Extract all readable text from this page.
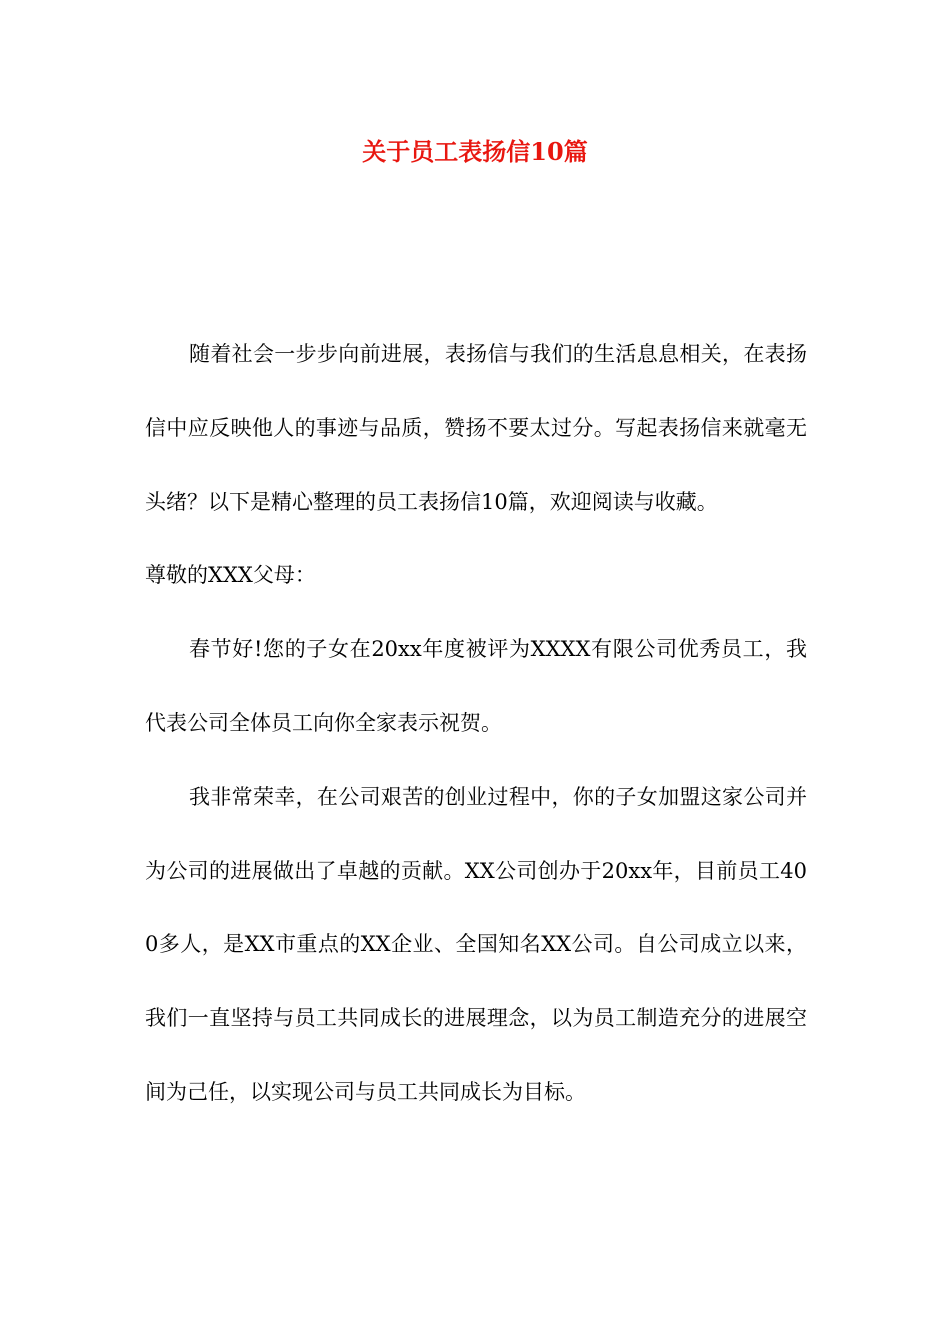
关于员工表扬信10篇

随着社会一步步向前进展，表扬信与我们的生活息息相关，在表扬信中应反映他人的事迹与品质，赞扬不要太过分。写起表扬信来就毫无头绪？以下是精心整理的员工表扬信10篇，欢迎阅读与收藏。

尊敬的XXX父母：

春节好!您的子女在20xx年度被评为XXXX有限公司优秀员工，我代表公司全体员工向你全家表示祝贺。

我非常荣幸，在公司艰苦的创业过程中，你的子女加盟这家公司并为公司的进展做出了卓越的贡献。XX公司创办于20xx年，目前员工400多人，是XX市重点的XX企业、全国知名XX公司。自公司成立以来，我们一直坚持与员工共同成长的进展理念，以为员工制造充分的进展空间为己任，以实现公司与员工共同成长为目标。
